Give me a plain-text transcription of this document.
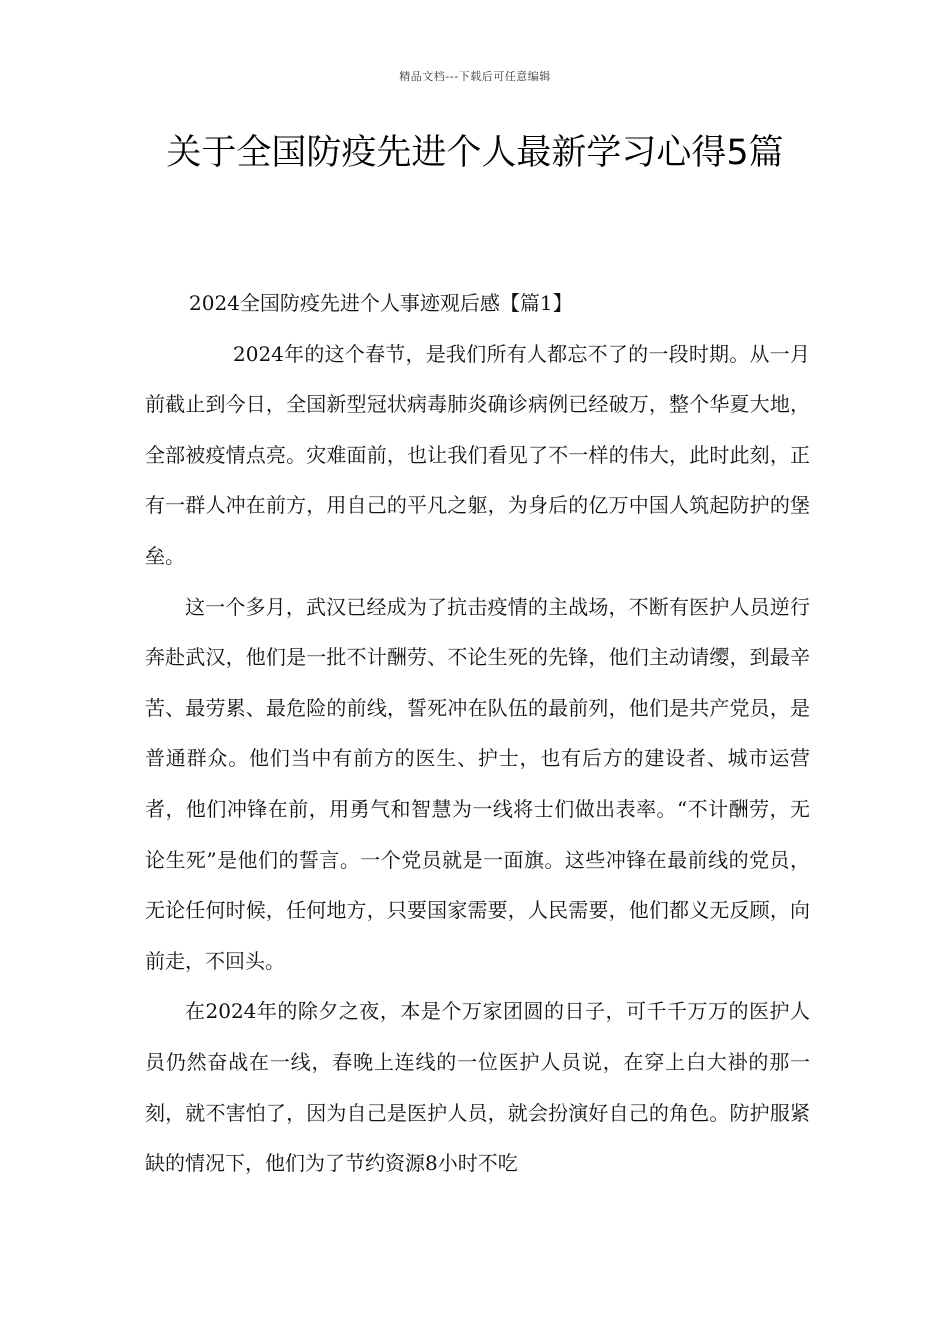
精品文档---下载后可任意编辑
关于全国防疫先进个人最新学习心得5篇

2024全国防疫先进个人事迹观后感【篇1】

2024年的这个春节，是我们所有人都忘不了的一段时期。从一月前截止到今日，全国新型冠状病毒肺炎确诊病例已经破万，整个华夏大地，全部被疫情点亮。灾难面前，也让我们看见了不一样的伟大，此时此刻，正有一群人冲在前方，用自己的平凡之躯，为身后的亿万中国人筑起防护的堡垒。

这一个多月，武汉已经成为了抗击疫情的主战场，不断有医护人员逆行奔赴武汉，他们是一批不计酬劳、不论生死的先锋，他们主动请缨，到最辛苦、最劳累、最危险的前线，誓死冲在队伍的最前列，他们是共产党员，是普通群众。他们当中有前方的医生、护士，也有后方的建设者、城市运营者，他们冲锋在前，用勇气和智慧为一线将士们做出表率。“不计酬劳，无论生死”是他们的誓言。一个党员就是一面旗。这些冲锋在最前线的党员，无论任何时候，任何地方，只要国家需要，人民需要，他们都义无反顾，向前走，不回头。

在2024年的除夕之夜，本是个万家团圆的日子，可千千万万的医护人员仍然奋战在一线，春晚上连线的一位医护人员说，在穿上白大褂的那一刻，就不害怕了，因为自己是医护人员，就会扮演好自己的角色。防护服紧缺的情况下，他们为了节约资源8小时不吃
